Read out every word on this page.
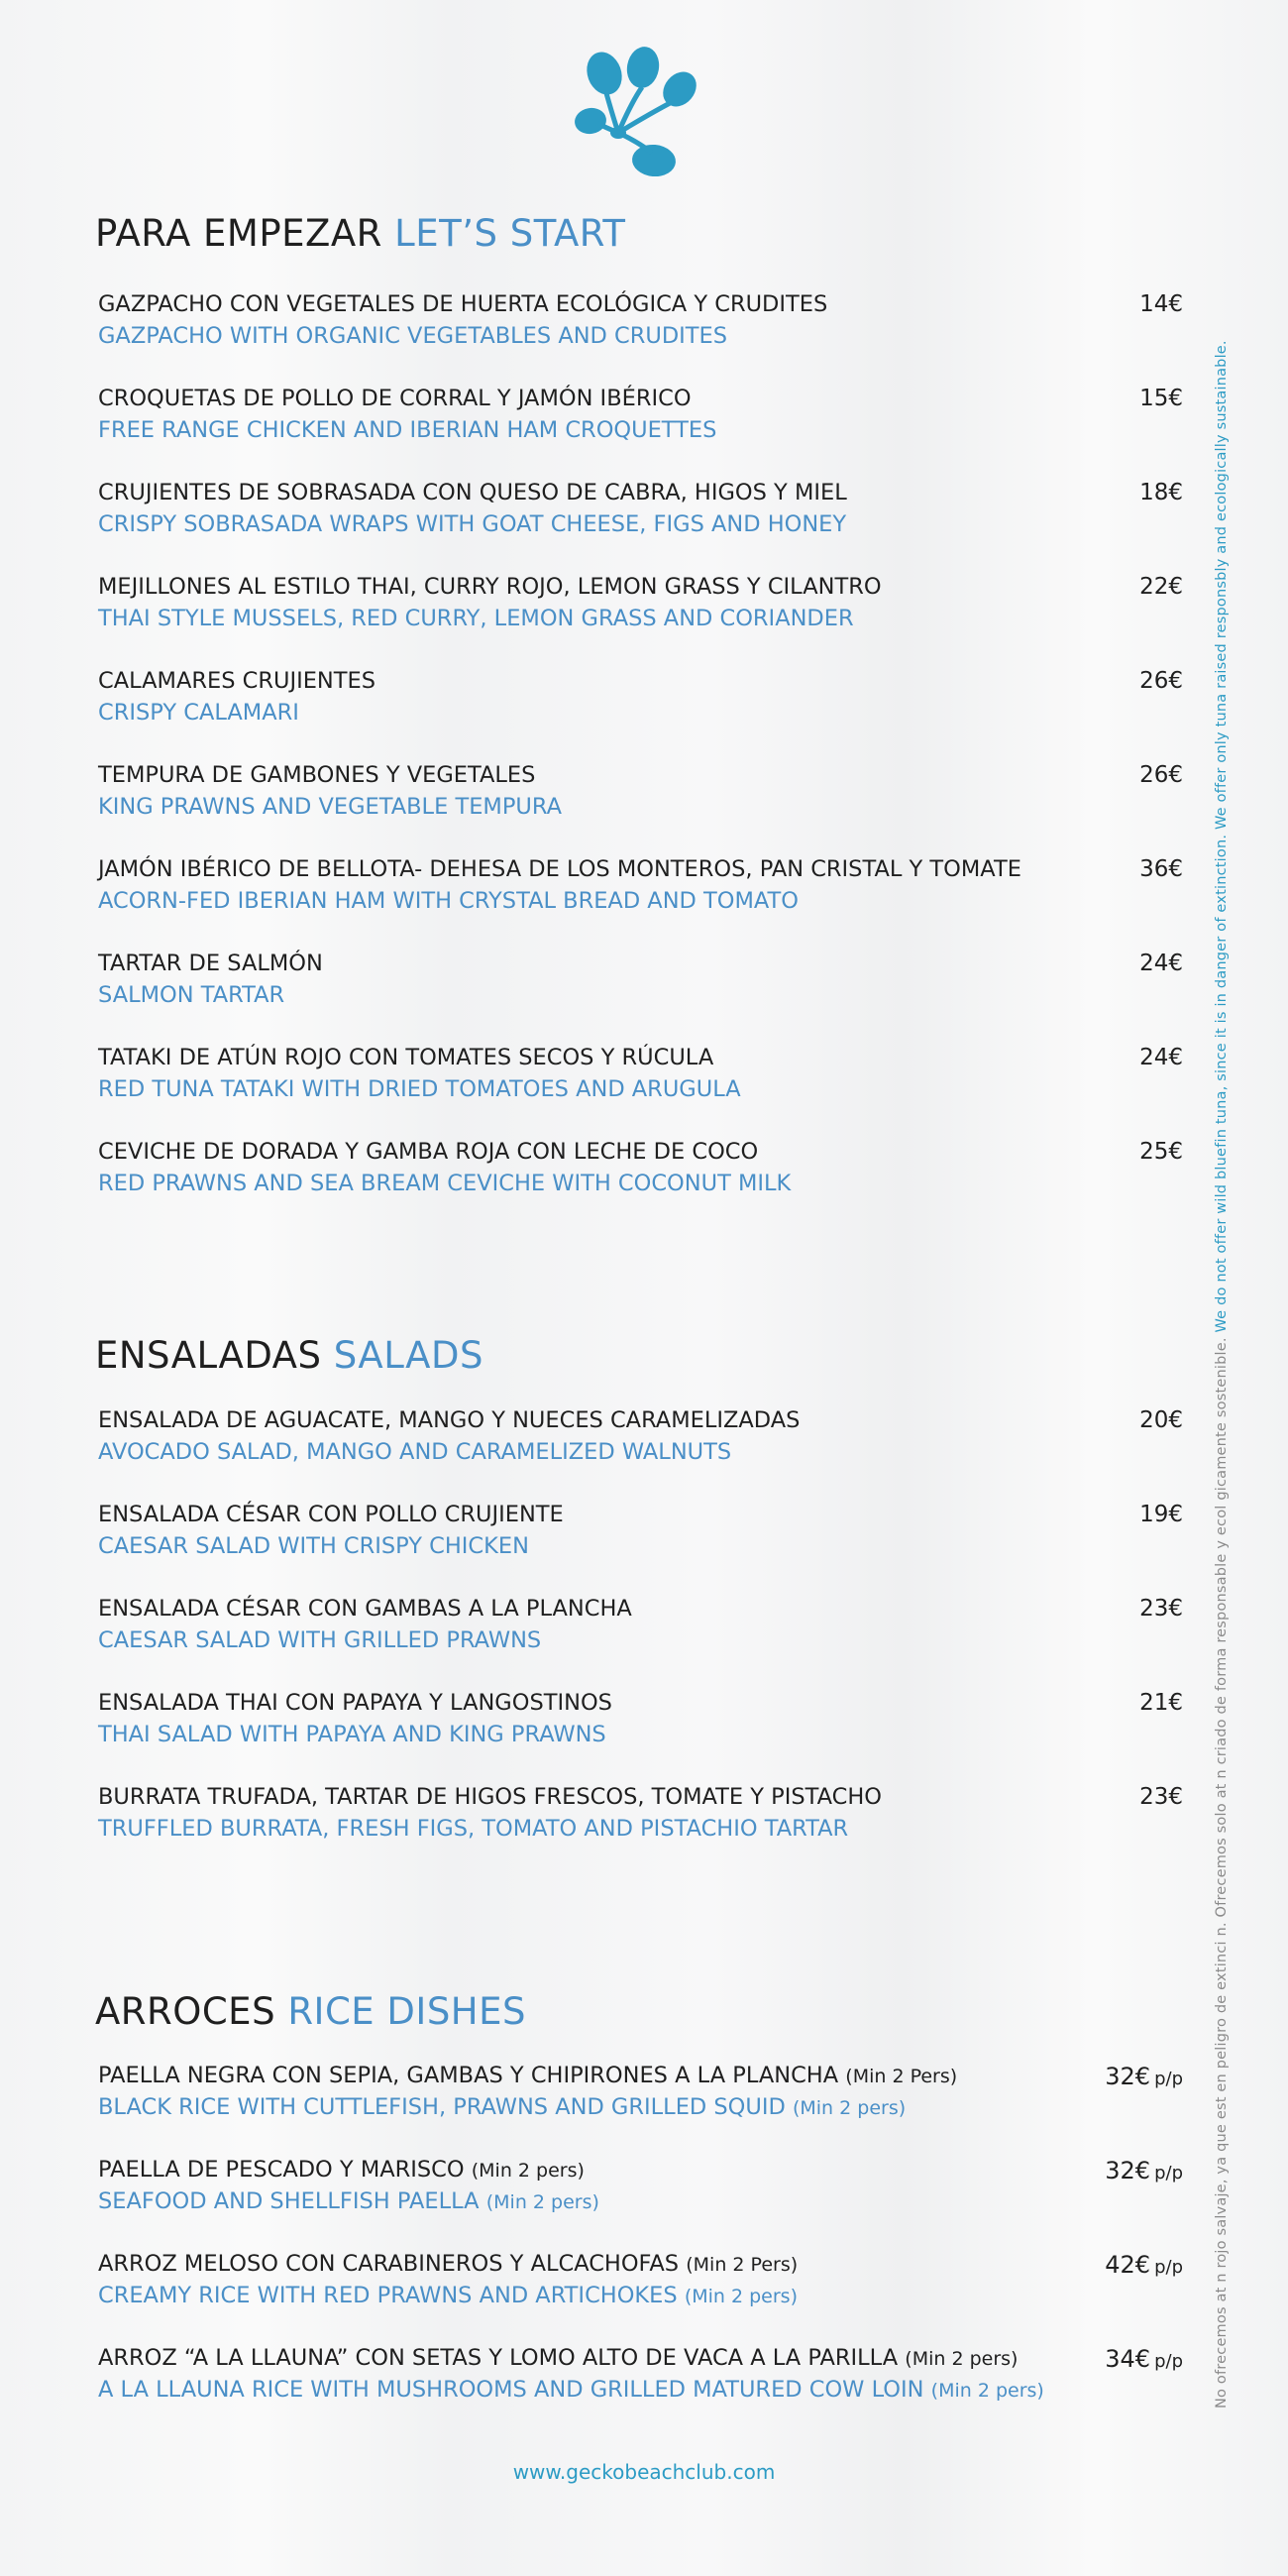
PARA EMPEZAR LET’S START
GAZPACHO CON VEGETALES DE HUERTA ECOLÓGICA Y CRUDITES
GAZPACHO WITH ORGANIC VEGETABLES AND CRUDITES
14€
CROQUETAS DE POLLO DE CORRAL Y JAMÓN IBÉRICO
FREE RANGE CHICKEN AND IBERIAN HAM CROQUETTES
15€
CRUJIENTES DE SOBRASADA CON QUESO DE CABRA, HIGOS Y MIEL
CRISPY SOBRASADA WRAPS WITH GOAT CHEESE, FIGS AND HONEY
18€
MEJILLONES AL ESTILO THAI, CURRY ROJO, LEMON GRASS Y CILANTRO
THAI STYLE MUSSELS, RED CURRY, LEMON GRASS AND CORIANDER
22€
CALAMARES CRUJIENTES
CRISPY CALAMARI
26€
TEMPURA DE GAMBONES Y VEGETALES
KING PRAWNS AND VEGETABLE TEMPURA
26€
JAMÓN IBÉRICO DE BELLOTA- DEHESA DE LOS MONTEROS, PAN CRISTAL Y TOMATE
ACORN-FED IBERIAN HAM WITH CRYSTAL BREAD AND TOMATO
36€
TARTAR DE SALMÓN
SALMON TARTAR
24€
TATAKI DE ATÚN ROJO CON TOMATES SECOS Y RÚCULA
RED TUNA TATAKI WITH DRIED TOMATOES AND ARUGULA
24€
CEVICHE DE DORADA Y GAMBA ROJA CON LECHE DE COCO
RED PRAWNS AND SEA BREAM CEVICHE WITH COCONUT MILK
25€
ENSALADAS SALADS
ENSALADA DE AGUACATE, MANGO Y NUECES CARAMELIZADAS
AVOCADO SALAD, MANGO AND CARAMELIZED WALNUTS
20€
ENSALADA CÉSAR CON POLLO CRUJIENTE
CAESAR SALAD WITH CRISPY CHICKEN
19€
ENSALADA CÉSAR CON GAMBAS A LA PLANCHA
CAESAR SALAD WITH GRILLED PRAWNS
23€
ENSALADA THAI CON PAPAYA Y LANGOSTINOS
THAI SALAD WITH PAPAYA AND KING PRAWNS
21€
BURRATA TRUFADA, TARTAR DE HIGOS FRESCOS, TOMATE Y PISTACHO
TRUFFLED BURRATA, FRESH FIGS, TOMATO AND PISTACHIO TARTAR
23€
ARROCES RICE DISHES
PAELLA NEGRA CON SEPIA, GAMBAS Y CHIPIRONES A LA PLANCHA (Min 2 Pers)
BLACK RICE WITH CUTTLEFISH, PRAWNS AND GRILLED SQUID (Min 2 pers)
32€ p/p
PAELLA DE PESCADO Y MARISCO (Min 2 pers)
SEAFOOD AND SHELLFISH PAELLA (Min 2 pers)
32€ p/p
ARROZ MELOSO CON CARABINEROS Y ALCACHOFAS (Min 2 Pers)
CREAMY RICE WITH RED PRAWNS AND ARTICHOKES (Min 2 pers)
42€ p/p
ARROZ “A LA LLAUNA” CON SETAS Y LOMO ALTO DE VACA A LA PARILLA (Min 2 pers)
A LA LLAUNA RICE WITH MUSHROOMS AND GRILLED MATURED COW LOIN (Min 2 pers)
34€ p/p
www.geckobeachclub.com
No ofrecemos at n rojo salvaje, ya que est en peligro de extinci n. Ofrecemos solo at n criado de forma responsable y ecol gicamente sostenible. We do not offer wild bluefin tuna, since it is in danger of extinction. We offer only tuna raised responsbly and ecologically sustainable.
